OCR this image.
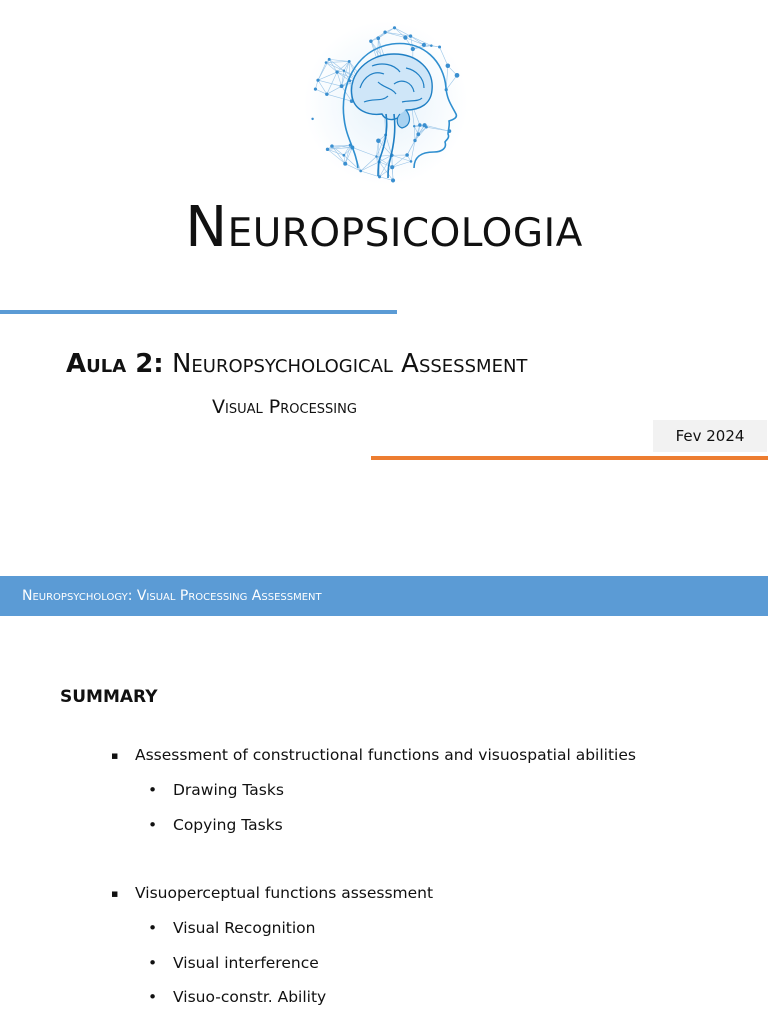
Neuropsicologia
Aula 2: Neuropsychological Assessment
Visual Processing
Fev 2024
Neuropsychology: Visual Processing Assessment
SUMMARY
▪ Assessment of constructional functions and visuospatial abilities
• Drawing Tasks
• Copying Tasks
▪ Visuoperceptual functions assessment
• Visual Recognition
• Visual interference
• Visuo-constr. Ability
